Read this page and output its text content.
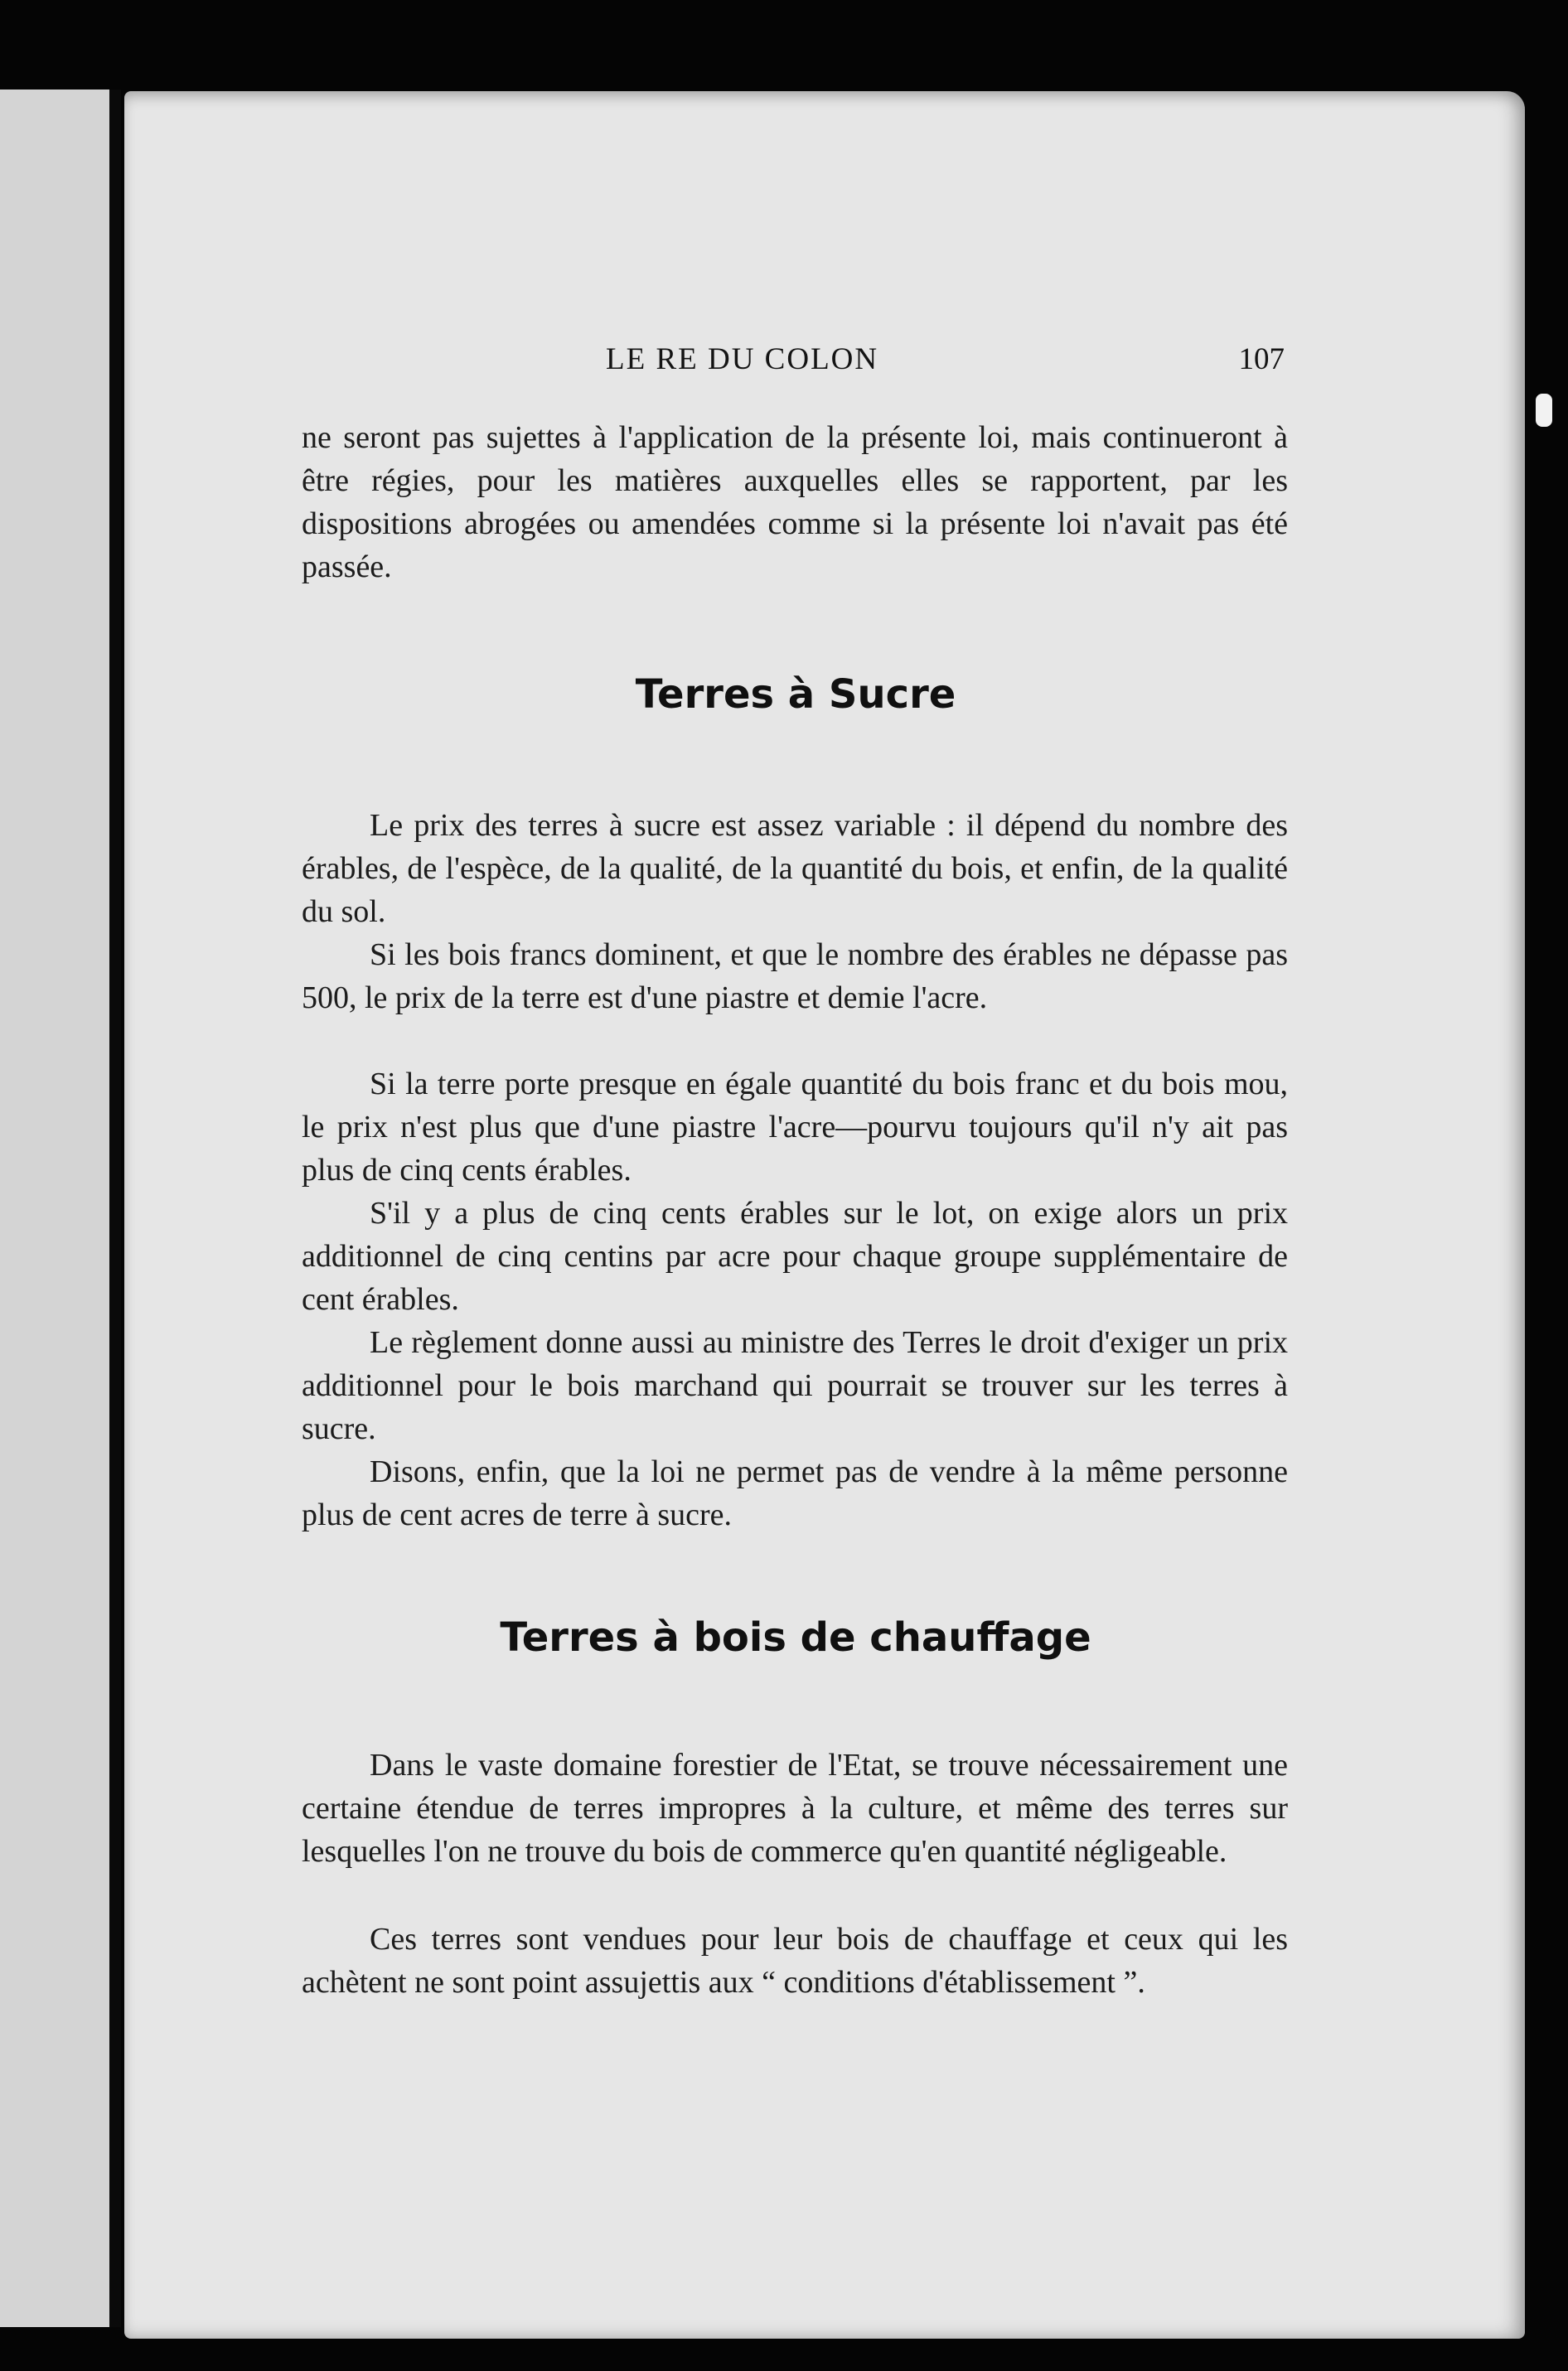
LE RE DU COLON	107

ne seront pas sujettes à l'application de la présente loi, mais continueront à être régies, pour les matières auxquelles elles se rapportent, par les dispositions abrogées ou amendées comme si la présente loi n'avait pas été passée.

Terres à Sucre

Le prix des terres à sucre est assez variable : il dépend du nombre des érables, de l'espèce, de la qualité, de la quantité du bois, et enfin, de la qualité du sol.

Si les bois francs dominent, et que le nombre des érables ne dépasse pas 500, le prix de la terre est d'une piastre et demie l'acre.

Si la terre porte presque en égale quantité du bois franc et du bois mou, le prix n'est plus que d'une piastre l'acre—pourvu toujours qu'il n'y ait pas plus de cinq cents érables.

S'il y a plus de cinq cents érables sur le lot, on exige alors un prix additionnel de cinq centins par acre pour chaque groupe supplémentaire de cent érables.

Le règlement donne aussi au ministre des Terres le droit d'exiger un prix additionnel pour le bois marchand qui pourrait se trouver sur les terres à sucre.

Disons, enfin, que la loi ne permet pas de vendre à la même personne plus de cent acres de terre à sucre.

Terres à bois de chauffage

Dans le vaste domaine forestier de l'Etat, se trouve nécessairement une certaine étendue de terres impropres à la culture, et même des terres sur lesquelles l'on ne trouve du bois de commerce qu'en quantité négligeable.

Ces terres sont vendues pour leur bois de chauffage et ceux qui les achètent ne sont point assujettis aux “ conditions d'établissement ”.
